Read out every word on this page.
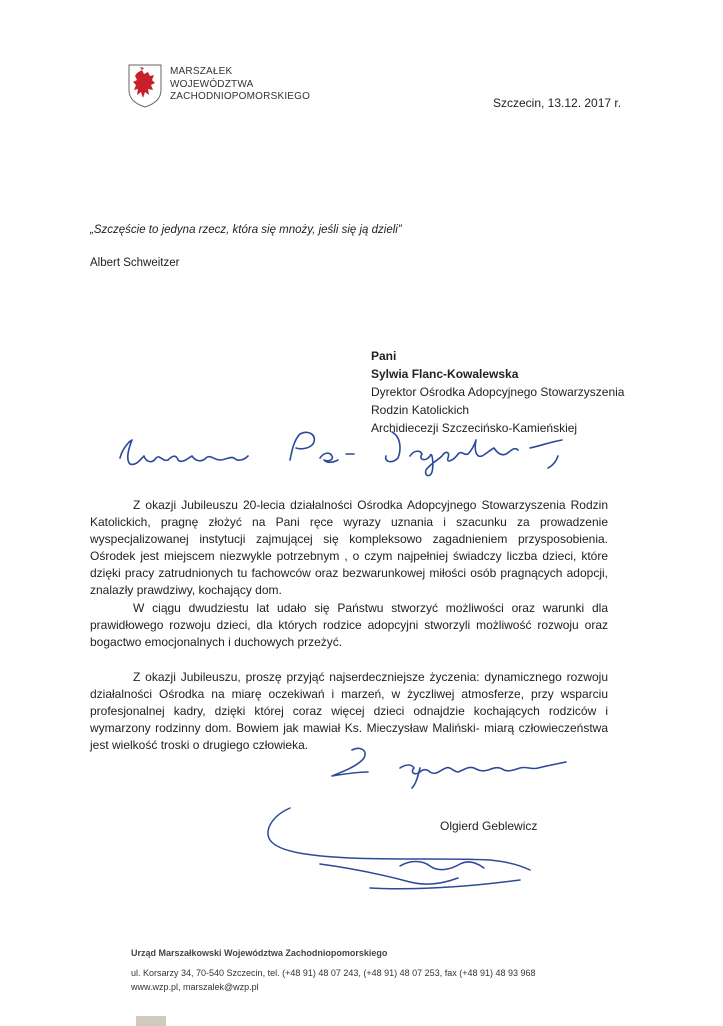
MARSZAŁEK
WOJEWÓDZTWA
ZACHODNIOPOMORSKIEGO	Szczecin, 13.12. 2017 r.
„Szczęście to jedyna rzecz, która się mnoży, jeśli się ją dzieli”
Albert Schweitzer
Pani
Sylwia Flanc-Kowalewska
Dyrektor Ośrodka Adopcyjnego Stowarzyszenia
Rodzin Katolickich
Archidiecezji Szczecińsko-Kamieńskiej

Z okazji Jubileuszu 20-lecia działalności Ośrodka Adopcyjnego Stowarzyszenia Rodzin Katolickich, pragnę złożyć na Pani ręce wyrazy uznania i szacunku za prowadzenie wyspecjalizowanej instytucji zajmującej się kompleksowo zagadnieniem przysposobienia. Ośrodek jest miejscem niezwykle potrzebnym , o czym najpełniej świadczy liczba dzieci, które dzięki pracy zatrudnionych tu fachowców oraz bezwarunkowej miłości osób pragnących adopcji, znalazły prawdziwy, kochający dom.

W ciągu dwudziestu lat udało się Państwu stworzyć możliwości oraz warunki dla prawidłowego rozwoju dzieci, dla których rodzice adopcyjni stworzyli możliwość rozwoju oraz bogactwo emocjonalnych i duchowych przeżyć.

Z okazji Jubileuszu, proszę przyjąć najserdeczniejsze życzenia: dynamicznego rozwoju działalności Ośrodka na miarę oczekiwań i marzeń, w życzliwej atmosferze, przy wsparciu profesjonalnej kadry, dzięki której coraz więcej dzieci odnajdzie kochających rodziców i wymarzony rodzinny dom. Bowiem jak mawiał Ks. Mieczysław Maliński- miarą człowieczeństwa jest wielkość troski o drugiego człowieka.

Olgierd Geblewicz
Urząd Marszałkowski Województwa Zachodniopomorskiego
ul. Korsarzy 34, 70-540 Szczecin, tel. (+48 91) 48 07 243, (+48 91) 48 07 253, fax (+48 91) 48 93 968
www.wzp.pl, marszalek@wzp.pl
